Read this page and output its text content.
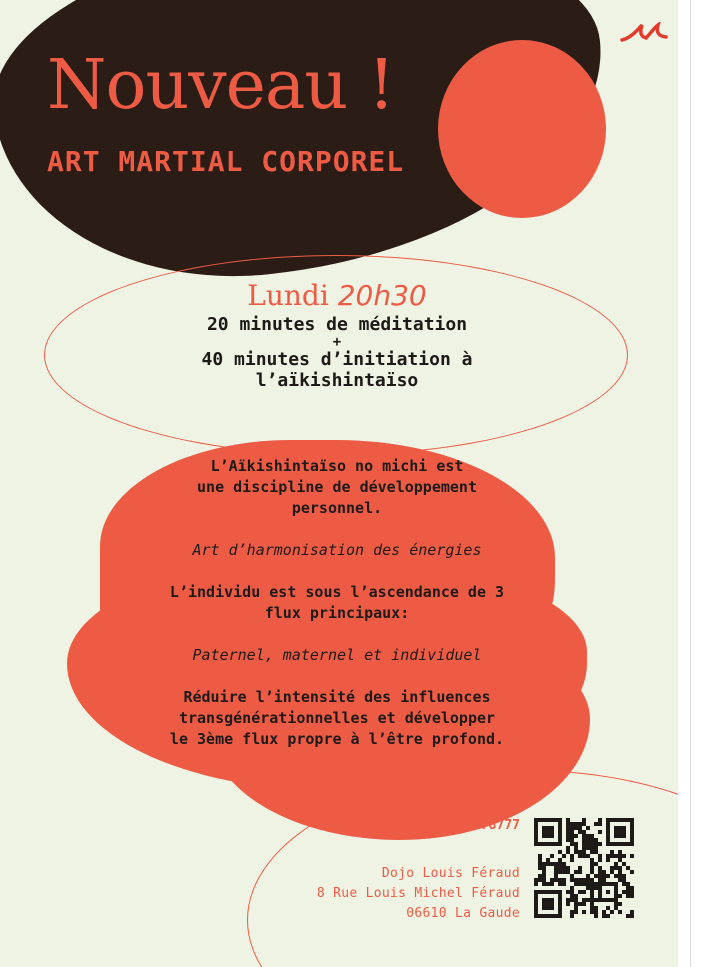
Nouveau !
ART MARTIAL CORPOREL
Lundi 20h30
20 minutes de méditation
+
40 minutes d’initiation à
l’aïkishintaïso
L’Aïkishintaïso no michi est
une discipline de développement
personnel.
Art d’harmonisation des énergies
L’individu est sous l’ascendance de 3
flux principaux:
Paternel, maternel et individuel
Réduire l’intensité des influences
transgénérationnelles et développer
le 3ème flux propre à l’être profond.
0663278777
Dojo Louis Féraud
8 Rue Louis Michel Féraud
06610 La Gaude
